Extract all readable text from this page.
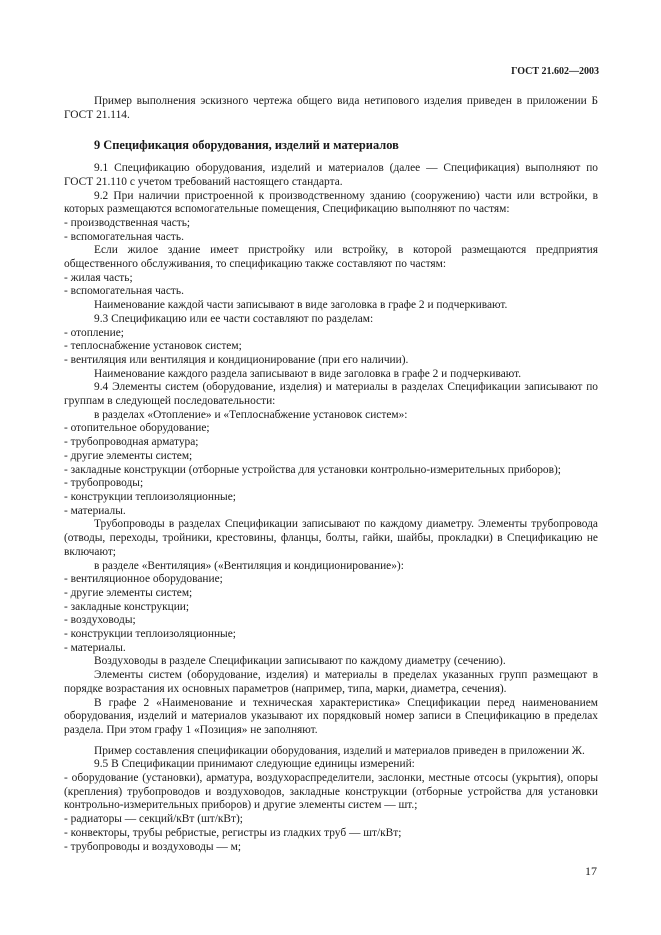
ГОСТ 21.602—2003

Пример выполнения эскизного чертежа общего вида нетипового изделия приведен в приложении Б ГОСТ 21.114.

9 Спецификация оборудования, изделий и материалов

9.1 Спецификацию оборудования, изделий и материалов (далее — Спецификация) выполняют по ГОСТ 21.110 с учетом требований настоящего стандарта.

9.2 При наличии пристроенной к производственному зданию (сооружению) части или встройки, в которых размещаются вспомогательные помещения, Спецификацию выполняют по частям:

- производственная часть;

- вспомогательная часть.

Если жилое здание имеет пристройку или встройку, в которой размещаются предприятия общественного обслуживания, то спецификацию также составляют по частям:

- жилая часть;

- вспомогательная часть.

Наименование каждой части записывают в виде заголовка в графе 2 и подчеркивают.

9.3 Спецификацию или ее части составляют по разделам:

- отопление;

- теплоснабжение установок систем;

- вентиляция или вентиляция и кондиционирование (при его наличии).

Наименование каждого раздела записывают в виде заголовка в графе 2 и подчеркивают.

9.4 Элементы систем (оборудование, изделия) и материалы в разделах Спецификации записывают по группам в следующей последовательности:

в разделах «Отопление» и «Теплоснабжение установок систем»:

- отопительное оборудование;

- трубопроводная арматура;

- другие элементы систем;

- закладные конструкции (отборные устройства для установки контрольно-измерительных приборов);

- трубопроводы;

- конструкции теплоизоляционные;

- материалы.

Трубопроводы в разделах Спецификации записывают по каждому диаметру. Элементы трубопровода (отводы, переходы, тройники, крестовины, фланцы, болты, гайки, шайбы, прокладки) в Спецификацию не включают;

в разделе «Вентиляция» («Вентиляция и кондиционирование»):

- вентиляционное оборудование;

- другие элементы систем;

- закладные конструкции;

- воздуховоды;

- конструкции теплоизоляционные;

- материалы.

Воздуховоды в разделе Спецификации записывают по каждому диаметру (сечению).

Элементы систем (оборудование, изделия) и материалы в пределах указанных групп размещают в порядке возрастания их основных параметров (например, типа, марки, диаметра, сечения).

В графе 2 «Наименование и техническая характеристика» Спецификации перед наименованием оборудования, изделий и материалов указывают их порядковый номер записи в Спецификацию в пределах раздела. При этом графу 1 «Позиция» не заполняют.

Пример составления спецификации оборудования, изделий и материалов приведен в приложении Ж.

9.5 В Спецификации принимают следующие единицы измерений:

- оборудование (установки), арматура, воздухораспределители, заслонки, местные отсосы (укрытия), опоры (крепления) трубопроводов и воздуховодов, закладные конструкции (отборные устройства для установки контрольно-измерительных приборов) и другие элементы систем — шт.;

- радиаторы — секций/кВт (шт/кВт);

- конвекторы, трубы ребристые, регистры из гладких труб — шт/кВт;

- трубопроводы и воздуховоды — м;

17
